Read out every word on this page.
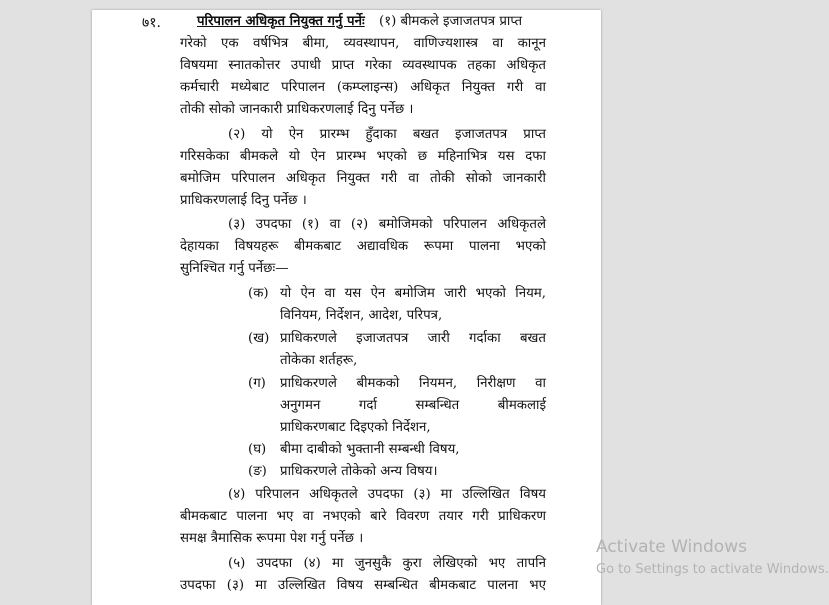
७१.	परिपालन अधिकृत नियुक्त गर्नु पर्नेः (१) बीमकले इजाजतपत्र प्राप्त
गरेको एक वर्षभित्र बीमा, व्यवस्थापन, वाणिज्यशास्त्र वा कानून
विषयमा स्नातकोत्तर उपाधी प्राप्त गरेका व्यवस्थापक तहका अधिकृत
कर्मचारी मध्येबाट परिपालन (कम्प्लाइन्स) अधिकृत नियुक्त गरी वा
तोकी सोको जानकारी प्राधिकरणलाई दिनु पर्नेछ ।
(२) यो ऐन प्रारम्भ हुँदाका बखत इजाजतपत्र प्राप्त
गरिसकेका बीमकले यो ऐन प्रारम्भ भएको छ महिनाभित्र यस दफा
बमोजिम परिपालन अधिकृत नियुक्त गरी वा तोकी सोको जानकारी
प्राधिकरणलाई दिनु पर्नेछ ।
(३) उपदफा (१) वा (२) बमोजिमको परिपालन अधिकृतले
देहायका विषयहरू बीमकबाट अद्यावधिक रूपमा पालना भएको
सुनिश्चित गर्नु पर्नेछः—
(क) यो ऐन वा यस ऐन बमोजिम जारी भएको नियम,
विनियम, निर्देशन, आदेश, परिपत्र,
(ख) प्राधिकरणले इजाजतपत्र जारी गर्दाका बखत
तोकेका शर्तहरू,
(ग) प्राधिकरणले बीमकको नियमन, निरीक्षण वा
अनुगमन गर्दा सम्बन्धित बीमकलाई
प्राधिकरणबाट दिइएको निर्देशन,
(घ) बीमा दाबीको भुक्तानी सम्बन्धी विषय,
(ङ) प्राधिकरणले तोकेको अन्य विषय।
(४) परिपालन अधिकृतले उपदफा (३) मा उल्लिखित विषय
बीमकबाट पालना भए वा नभएको बारे विवरण तयार गरी प्राधिकरण
समक्ष त्रैमासिक रूपमा पेश गर्नु पर्नेछ ।
(५) उपदफा (४) मा जुनसुकै कुरा लेखिएको भए तापनि
उपदफा (३) मा उल्लिखित विषय सम्बन्धित बीमकबाट पालना भए
Activate Windows
Go to Settings to activate Windows.
